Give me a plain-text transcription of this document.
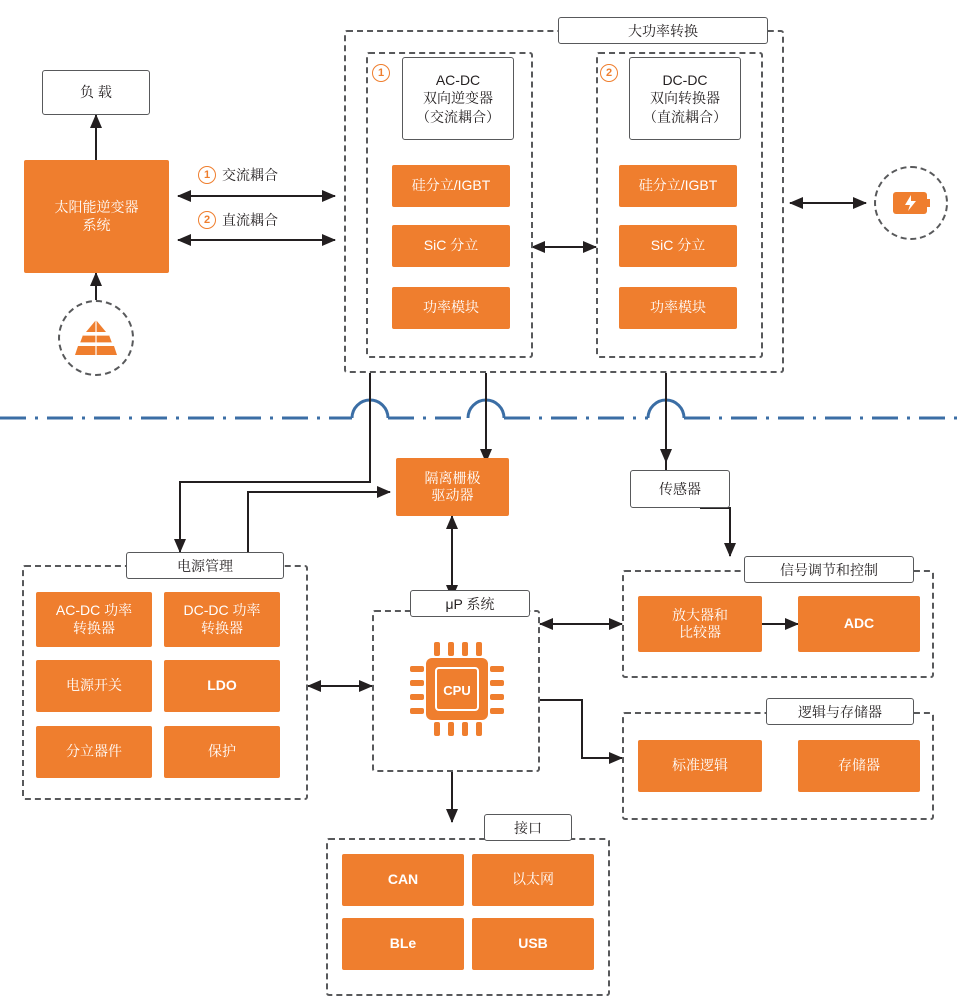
负 载
太阳能逆变器
系统
1 交流耦合
2 直流耦合
大功率转换
AC-DC
双向逆变器
（交流耦合）
1
硅分立/IGBT
SiC 分立
功率模块
DC-DC
双向转换器
（直流耦合）
2
硅分立/IGBT
SiC 分立
功率模块
隔离栅极
驱动器	传感器
电源管理
AC-DC 功率
转换器
DC-DC 功率
转换器
电源开关	LDO
分立器件	保护
μP 系统
CPU
信号调节和控制
放大器和
比较器
ADC
逻辑与存储器
标准逻辑	存储器
接口
CAN	以太网
BLe	USB
